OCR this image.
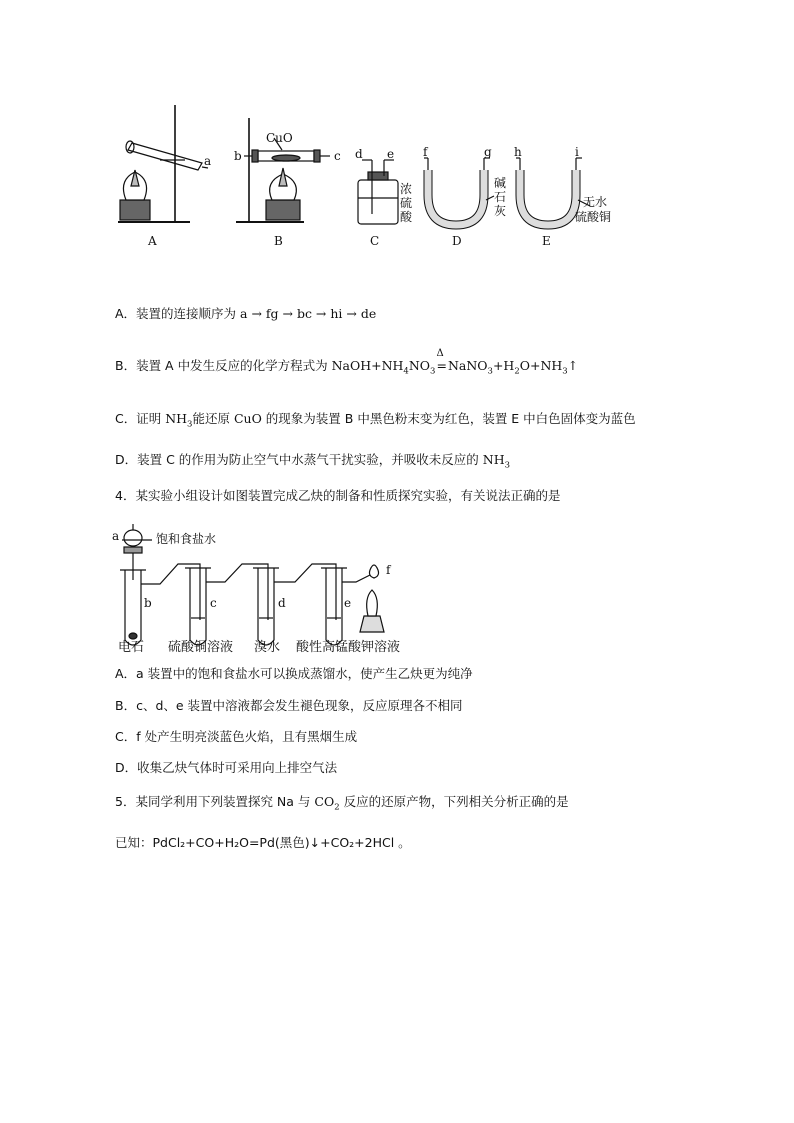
a b
CuO
c d e f	g h	i
浓
硫
酸
碱
石
灰
无水
硫酸铜
A	B	C	D	E
A．装置的连接顺序为 a → fg → bc → hi → de
B．装置 A 中发生反应的化学方程式为 $NaOH+NH_4NO_3=$
Δ
$NaNO_3+H_2O+NH_3↑$
C．证明 $NH_3$能还原 CuO 的现象为装置 B 中黑色粉末变为红色，装置 E 中白色固体变为蓝色
D．装置 C 的作用为防止空气中水蒸气干扰实验，并吸收未反应的 $NH_3$
4．某实验小组设计如图装置完成乙炔的制备和性质探究实验，有关说法正确的是
a	饱和食盐水
b	c	d	e
f
电石 硫酸铜溶液 溴水 酸性高锰酸钾溶液
A．a 装置中的饱和食盐水可以换成蒸馏水，使产生乙炔更为纯净
B．c、d、e 装置中溶液都会发生褪色现象，反应原理各不相同
C．f 处产生明亮淡蓝色火焰，且有黑烟生成
D．收集乙炔气体时可采用向上排空气法
5．某同学利用下列装置探究 Na 与 $CO_2$ 反应的还原产物，下列相关分析正确的是
已知：PdCl₂+CO+H₂O=Pd(黑色)↓+CO₂+2HCl 。
